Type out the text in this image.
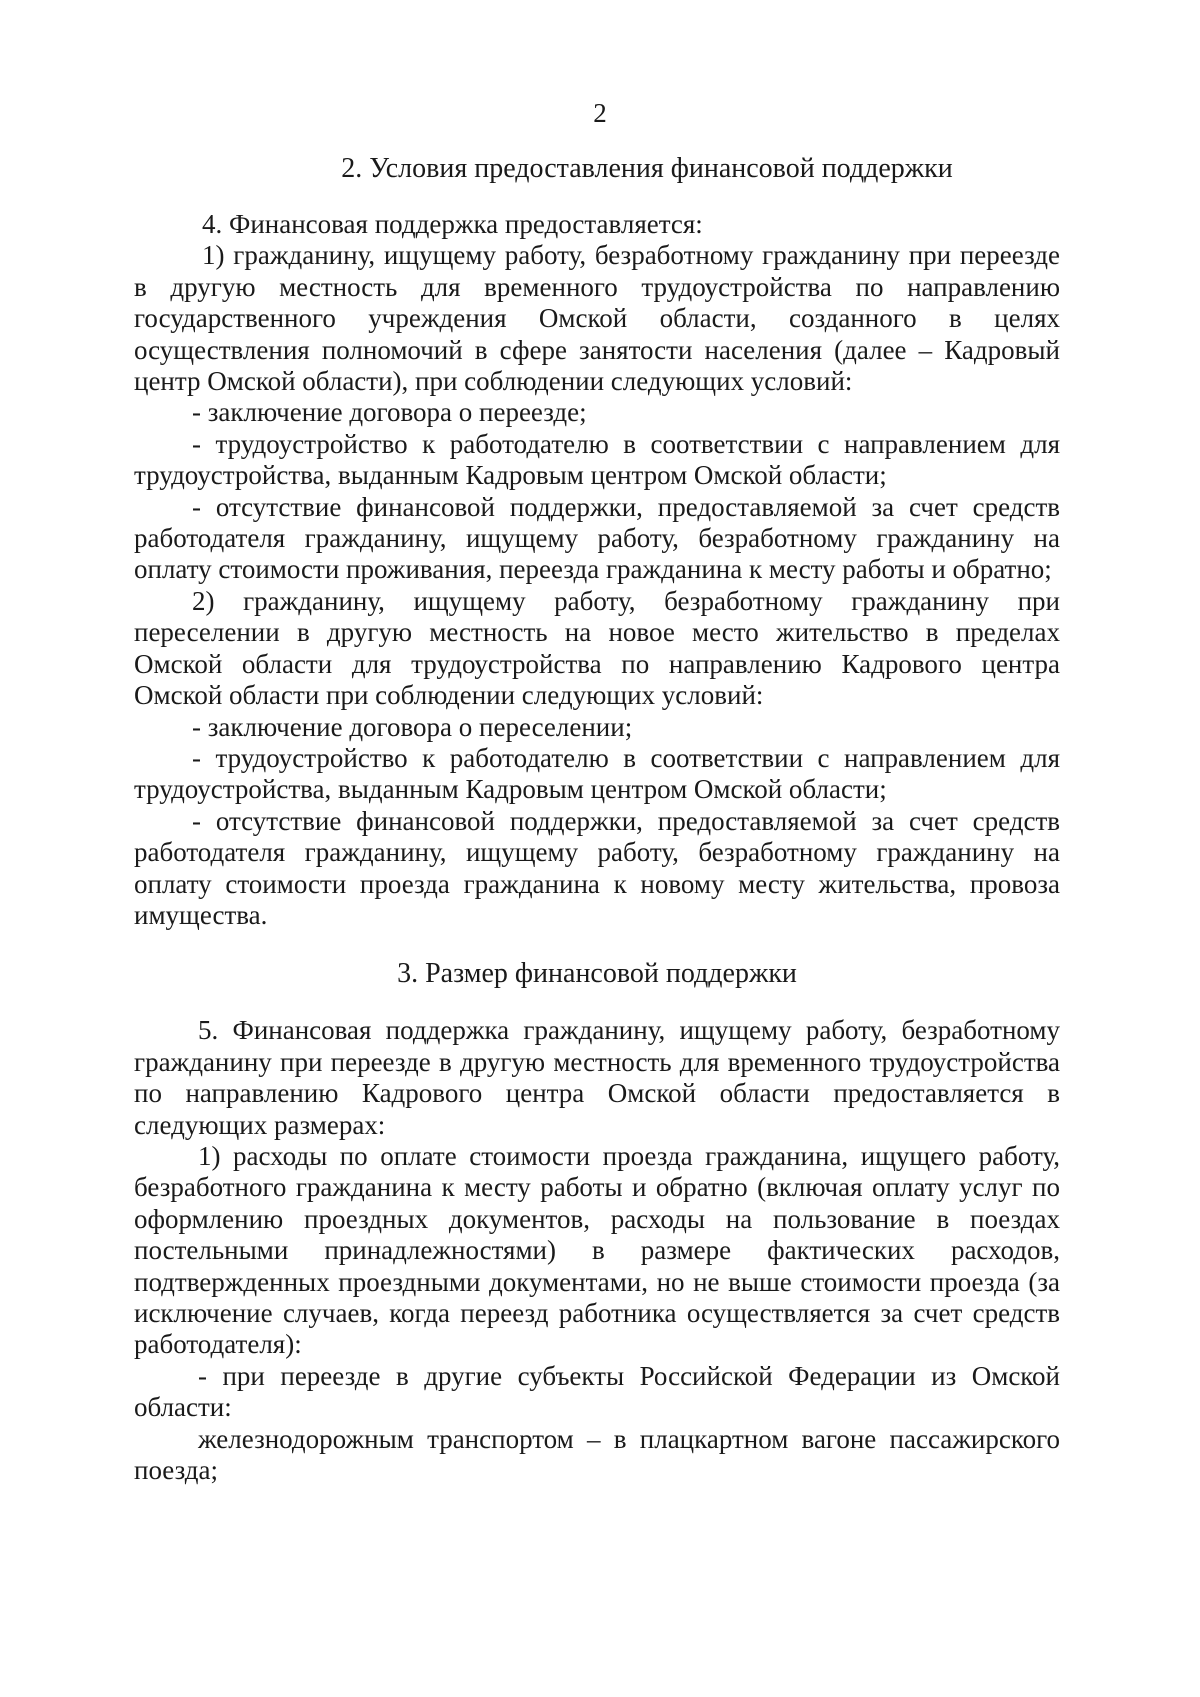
2

2. Условия предоставления финансовой поддержки

4. Финансовая поддержка предоставляется:

1) гражданину, ищущему работу, безработному гражданину при переезде в другую местность для временного трудоустройства по направлению государственного учреждения Омской области, созданного в целях осуществления полномочий в сфере занятости населения (далее – Кадровый центр Омской области), при соблюдении следующих условий:

- заключение договора о переезде;

- трудоустройство к работодателю в соответствии с направлением для трудоустройства, выданным Кадровым центром Омской области;

- отсутствие финансовой поддержки, предоставляемой за счет средств работодателя гражданину, ищущему работу, безработному гражданину на оплату стоимости проживания, переезда гражданина к месту работы и обратно;

2) гражданину, ищущему работу, безработному гражданину при переселении в другую местность на новое место жительство в пределах Омской области для трудоустройства по направлению Кадрового центра Омской области при соблюдении следующих условий:

- заключение договора о переселении;

- трудоустройство к работодателю в соответствии с направлением для трудоустройства, выданным Кадровым центром Омской области;

- отсутствие финансовой поддержки, предоставляемой за счет средств работодателя гражданину, ищущему работу, безработному гражданину на оплату стоимости проезда гражданина к новому месту жительства, провоза имущества.

3. Размер финансовой поддержки

5. Финансовая поддержка гражданину, ищущему работу, безработному гражданину при переезде в другую местность для временного трудоустройства по направлению Кадрового центра Омской области предоставляется в следующих размерах:

1) расходы по оплате стоимости проезда гражданина, ищущего работу, безработного гражданина к месту работы и обратно (включая оплату услуг по оформлению проездных документов, расходы на пользование в поездах постельными принадлежностями) в размере фактических расходов, подтвержденных проездными документами, но не выше стоимости проезда (за исключение случаев, когда переезд работника осуществляется за счет средств работодателя):

- при переезде в другие субъекты Российской Федерации из Омской области:

железнодорожным транспортом – в плацкартном вагоне пассажирского поезда;
